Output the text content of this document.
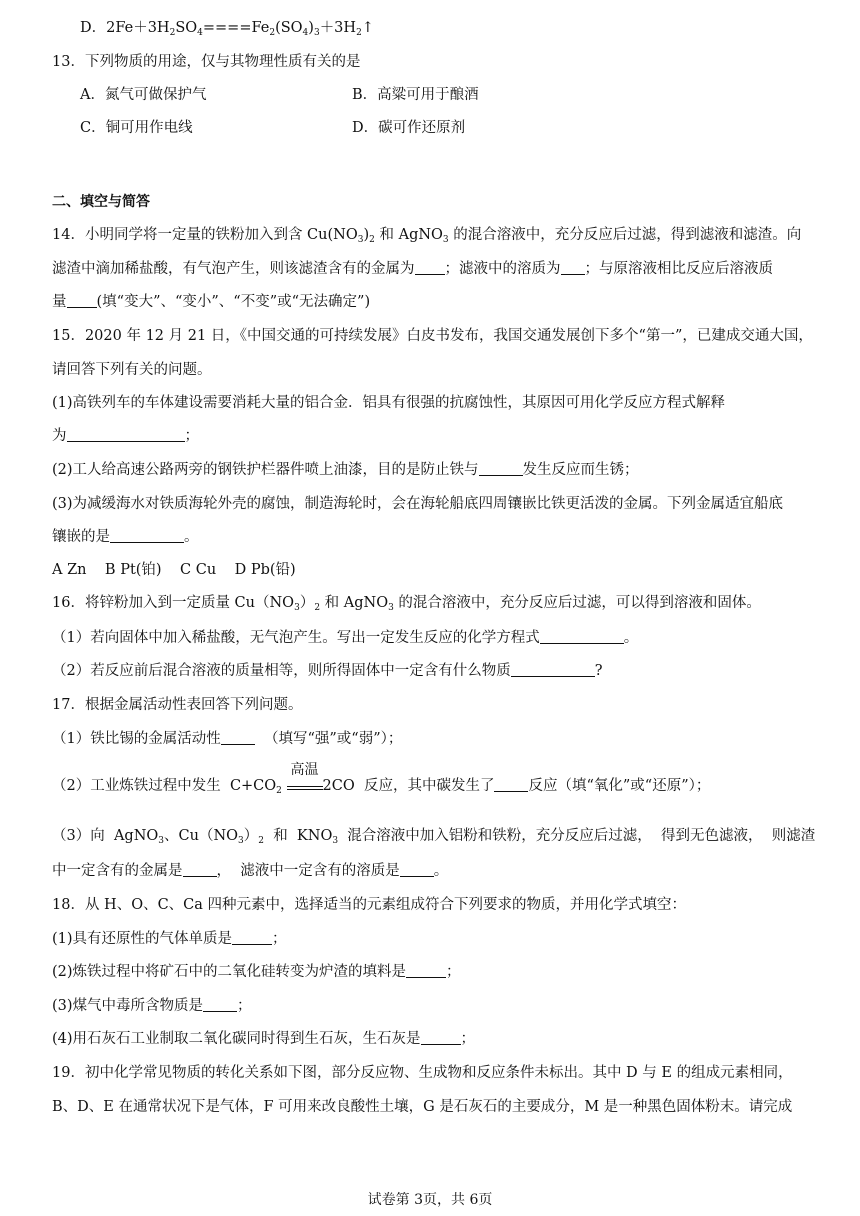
D．$2Fe+3H_2SO_4====Fe_2(SO_4)_3+3H_2↑$
13．下列物质的用途，仅与其物理性质有关的是
A．氮气可做保护气	B．高粱可用于酿酒
C．铜可用作电线	D．碳可作还原剂
二、填空与简答
14．小明同学将一定量的铁粉加入到含 $Cu(NO_3)_2$ 和 AgNO$_3$ 的混合溶液中，充分反应后过滤，得到滤液和滤渣。向
滤渣中滴加稀盐酸，有气泡产生，则该滤渣含有的金属为 ；滤液中的溶质为 ；与原溶液相比反应后溶液质
量 (填“变大”、“变小”、“不变”或“无法确定”)
15．2020 年 12 月 21 日，《中国交通的可持续发展》白皮书发布，我国交通发展创下多个“第一”，已建成交通大国，
请回答下列有关的问题。
(1)高铁列车的车体建设需要消耗大量的铝合金．铝具有很强的抗腐蚀性，其原因可用化学反应方程式解释
为	；
(2)工人给高速公路两旁的钢铁护栏器件喷上油漆，目的是防止铁与	发生反应而生锈；
(3)为减缓海水对铁质海轮外壳的腐蚀，制造海轮时，会在海轮船底四周镶嵌比铁更活泼的金属。下列金属适宜船底
镶嵌的是	。
A Zn    B Pt(铂)    C Cu    D Pb(铅)
16．将锌粉加入到一定质量 $Cu(NO_3)_2$ 和 AgNO$_3$ 的混合溶液中，充分反应后过滤，可以得到溶液和固体。
（1）若向固体中加入稀盐酸，无气泡产生。写出一定发生反应的化学方程式	。
（2）若反应前后混合溶液的质量相等，则所得固体中一定含有什么物质	?
17．根据金属活动性表回答下列问题。
（1）铁比锡的金属活动性  （填写“强”或“弱”）；
（2）工业炼铁过程中发生  $C+CO_2$
高温
2CO  反应，其中碳发生了 反应（填“氧化”或“还原”）；
（3）向  AgNO$_3$、$Cu(NO_3)_2$  和  $KNO_3$  混合溶液中加入铝粉和铁粉，充分反应后过滤，  得到无色滤液，  则滤渣
中一定含有的金属是 ，  滤液中一定含有的溶质是 。
18．从 H、O、C、Ca 四种元素中，选择适当的元素组成符合下列要求的物质，并用化学式填空：
(1)具有还原性的气体单质是	；
(2)炼铁过程中将矿石中的二氧化硅转变为炉渣的填料是	；
(3)煤气中毒所含物质是 ；
(4)用石灰石工业制取二氧化碳同时得到生石灰，生石灰是	；
19．初中化学常见物质的转化关系如下图，部分反应物、生成物和反应条件未标出。其中 D 与 E 的组成元素相同，
B、D、E 在通常状况下是气体，F 可用来改良酸性土壤，G 是石灰石的主要成分，M 是一种黑色固体粉末。请完成
试卷第 3页，共 6页
